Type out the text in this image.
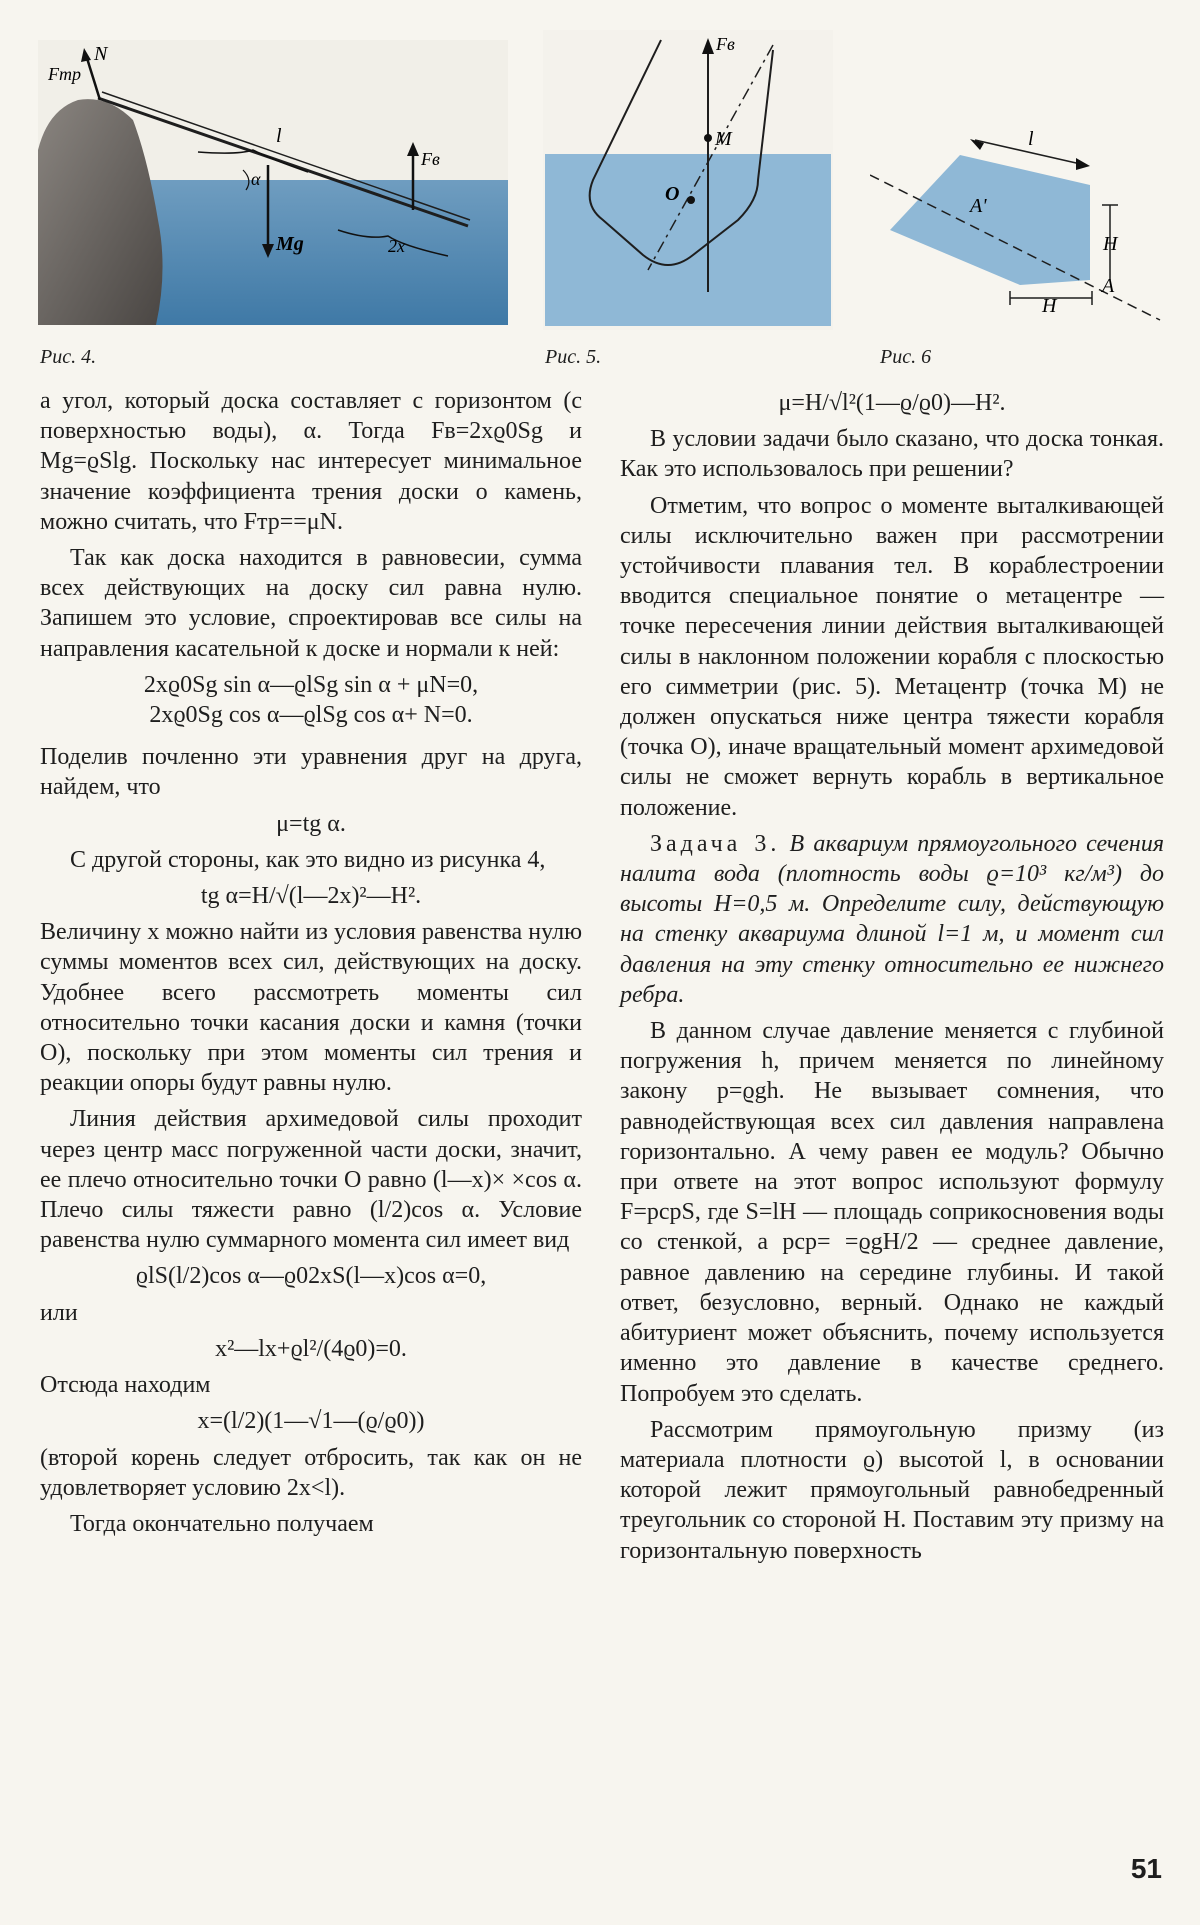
N
Fтр
l
Mg
α
Fв
2x
Fв
M
O
l
A'
H
A
H
Рис. 4.	Рис. 5.	Рис. 6

а угол, который доска составляет с горизонтом (с поверхностью воды), α. Тогда Fв=2xϱ0Sg и Mg=ϱSlg. Поскольку нас интересует минимальное значение коэффициента трения доски о камень, можно считать, что Fтр==μN.

Так как доска находится в равновесии, сумма всех действующих на доску сил равна нулю. Запишем это условие, спроектировав все силы на направления касательной к доске и нормали к ней:

2xϱ0Sg sin α—ϱlSg sin α + μN=0,
2xϱ0Sg cos α—ϱlSg cos α+ N=0.

Поделив почленно эти уравнения друг на друга, найдем, что

μ=tg α.

С другой стороны, как это видно из рисунка 4,

tg α=H/√(l—2x)²—H².

Величину x можно найти из условия равенства нулю суммы моментов всех сил, действующих на доску. Удобнее всего рассмотреть моменты сил относительно точки касания доски и камня (точки O), поскольку при этом моменты сил трения и реакции опоры будут равны нулю.

Линия действия архимедовой силы проходит через центр масс погруженной части доски, значит, ее плечо относительно точки O равно (l—x)× ×cos α. Плечо силы тяжести равно (l/2)cos α. Условие равенства нулю суммарного момента сил имеет вид

ϱlS(l/2)cos α—ϱ02xS(l—x)cos α=0,

или

x²—lx+ϱl²/(4ϱ0)=0.

Отсюда находим

x=(l/2)(1—√1—(ϱ/ϱ0))

(второй корень следует отбросить, так как он не удовлетворяет условию 2x<l).

Тогда окончательно получаем

μ=H/√l²(1—ϱ/ϱ0)—H².

В условии задачи было сказано, что доска тонкая. Как это использовалось при решении?

Отметим, что вопрос о моменте выталкивающей силы исключительно важен при рассмотрении устойчивости плавания тел. В кораблестроении вводится специальное понятие о метацентре — точке пересечения линии действия выталкивающей силы в наклонном положении корабля с плоскостью его симметрии (рис. 5). Метацентр (точка M) не должен опускаться ниже центра тяжести корабля (точка O), иначе вращательный момент архимедовой силы не сможет вернуть корабль в вертикальное положение.

Задача 3. В аквариум прямоугольного сечения налита вода (плотность воды ϱ=10³ кг/м³) до высоты H=0,5 м. Определите силу, действующую на стенку аквариума длиной l=1 м, и момент сил давления на эту стенку относительно ее нижнего ребра.

В данном случае давление меняется с глубиной погружения h, причем меняется по линейному закону p=ϱgh. Не вызывает сомнения, что равнодействующая всех сил давления направлена горизонтально. А чему равен ее модуль? Обычно при ответе на этот вопрос используют формулу F=pсрS, где S=lH — площадь соприкосновения воды со стенкой, а pср= =ϱgH/2 — среднее давление, равное давлению на середине глубины. И такой ответ, безусловно, верный. Однако не каждый абитуриент может объяснить, почему используется именно это давление в качестве среднего. Попробуем это сделать.

Рассмотрим прямоугольную призму (из материала плотности ϱ) высотой l, в основании которой лежит прямоугольный равнобедренный треугольник со стороной H. Поставим эту призму на горизонтальную поверхность

51
